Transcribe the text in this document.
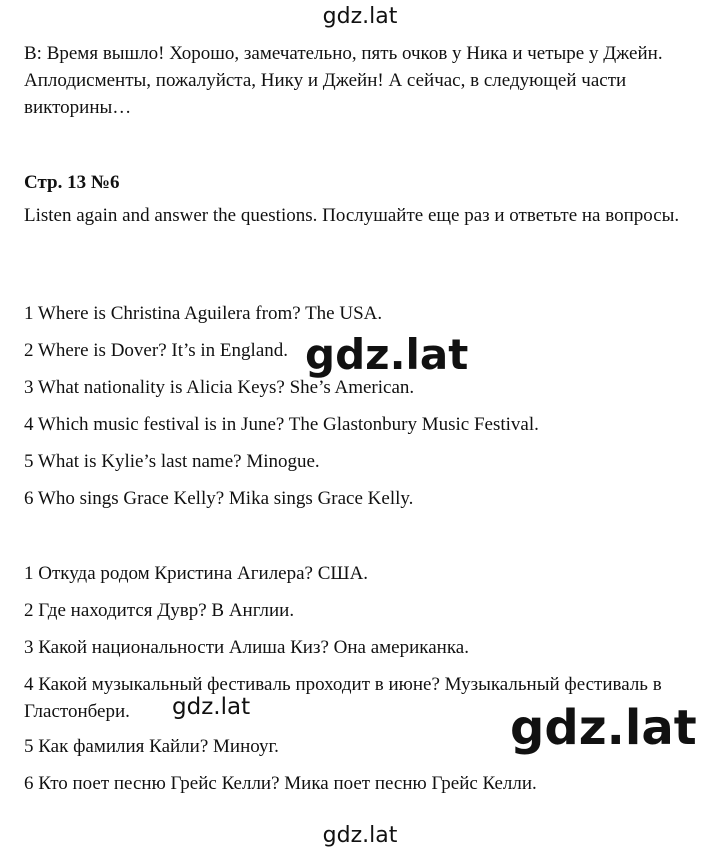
gdz.lat

В: Время вышло! Хорошо, замечательно, пять очков у Ника и четыре у Джейн. Аплодисменты, пожалуйста, Нику и Джейн! А сейчас, в следующей части викторины…

Стр. 13 №6

Listen again and answer the questions. Послушайте еще раз и ответьте на вопросы.

1 Where is Christina Aguilera from? The USA.

2 Where is Dover? It’s in England.

3 What nationality is Alicia Keys? She’s American.

4 Which music festival is in June? The Glastonbury Music Festival.

5 What is Kylie’s last name? Minogue.

6 Who sings Grace Kelly? Mika sings Grace Kelly.

1 Откуда родом Кристина Агилера? США.

2 Где находится Дувр? В Англии.

3 Какой национальности Алиша Киз? Она американка.

4 Какой музыкальный фестиваль проходит в июне? Музыкальный фестиваль в Гластонбери.

5 Как фамилия Кайли? Миноуг.

6 Кто поет песню Грейс Келли? Мика поет песню Грейс Келли.

gdz.lat
gdz.lat	gdz.lat
gdz.lat
